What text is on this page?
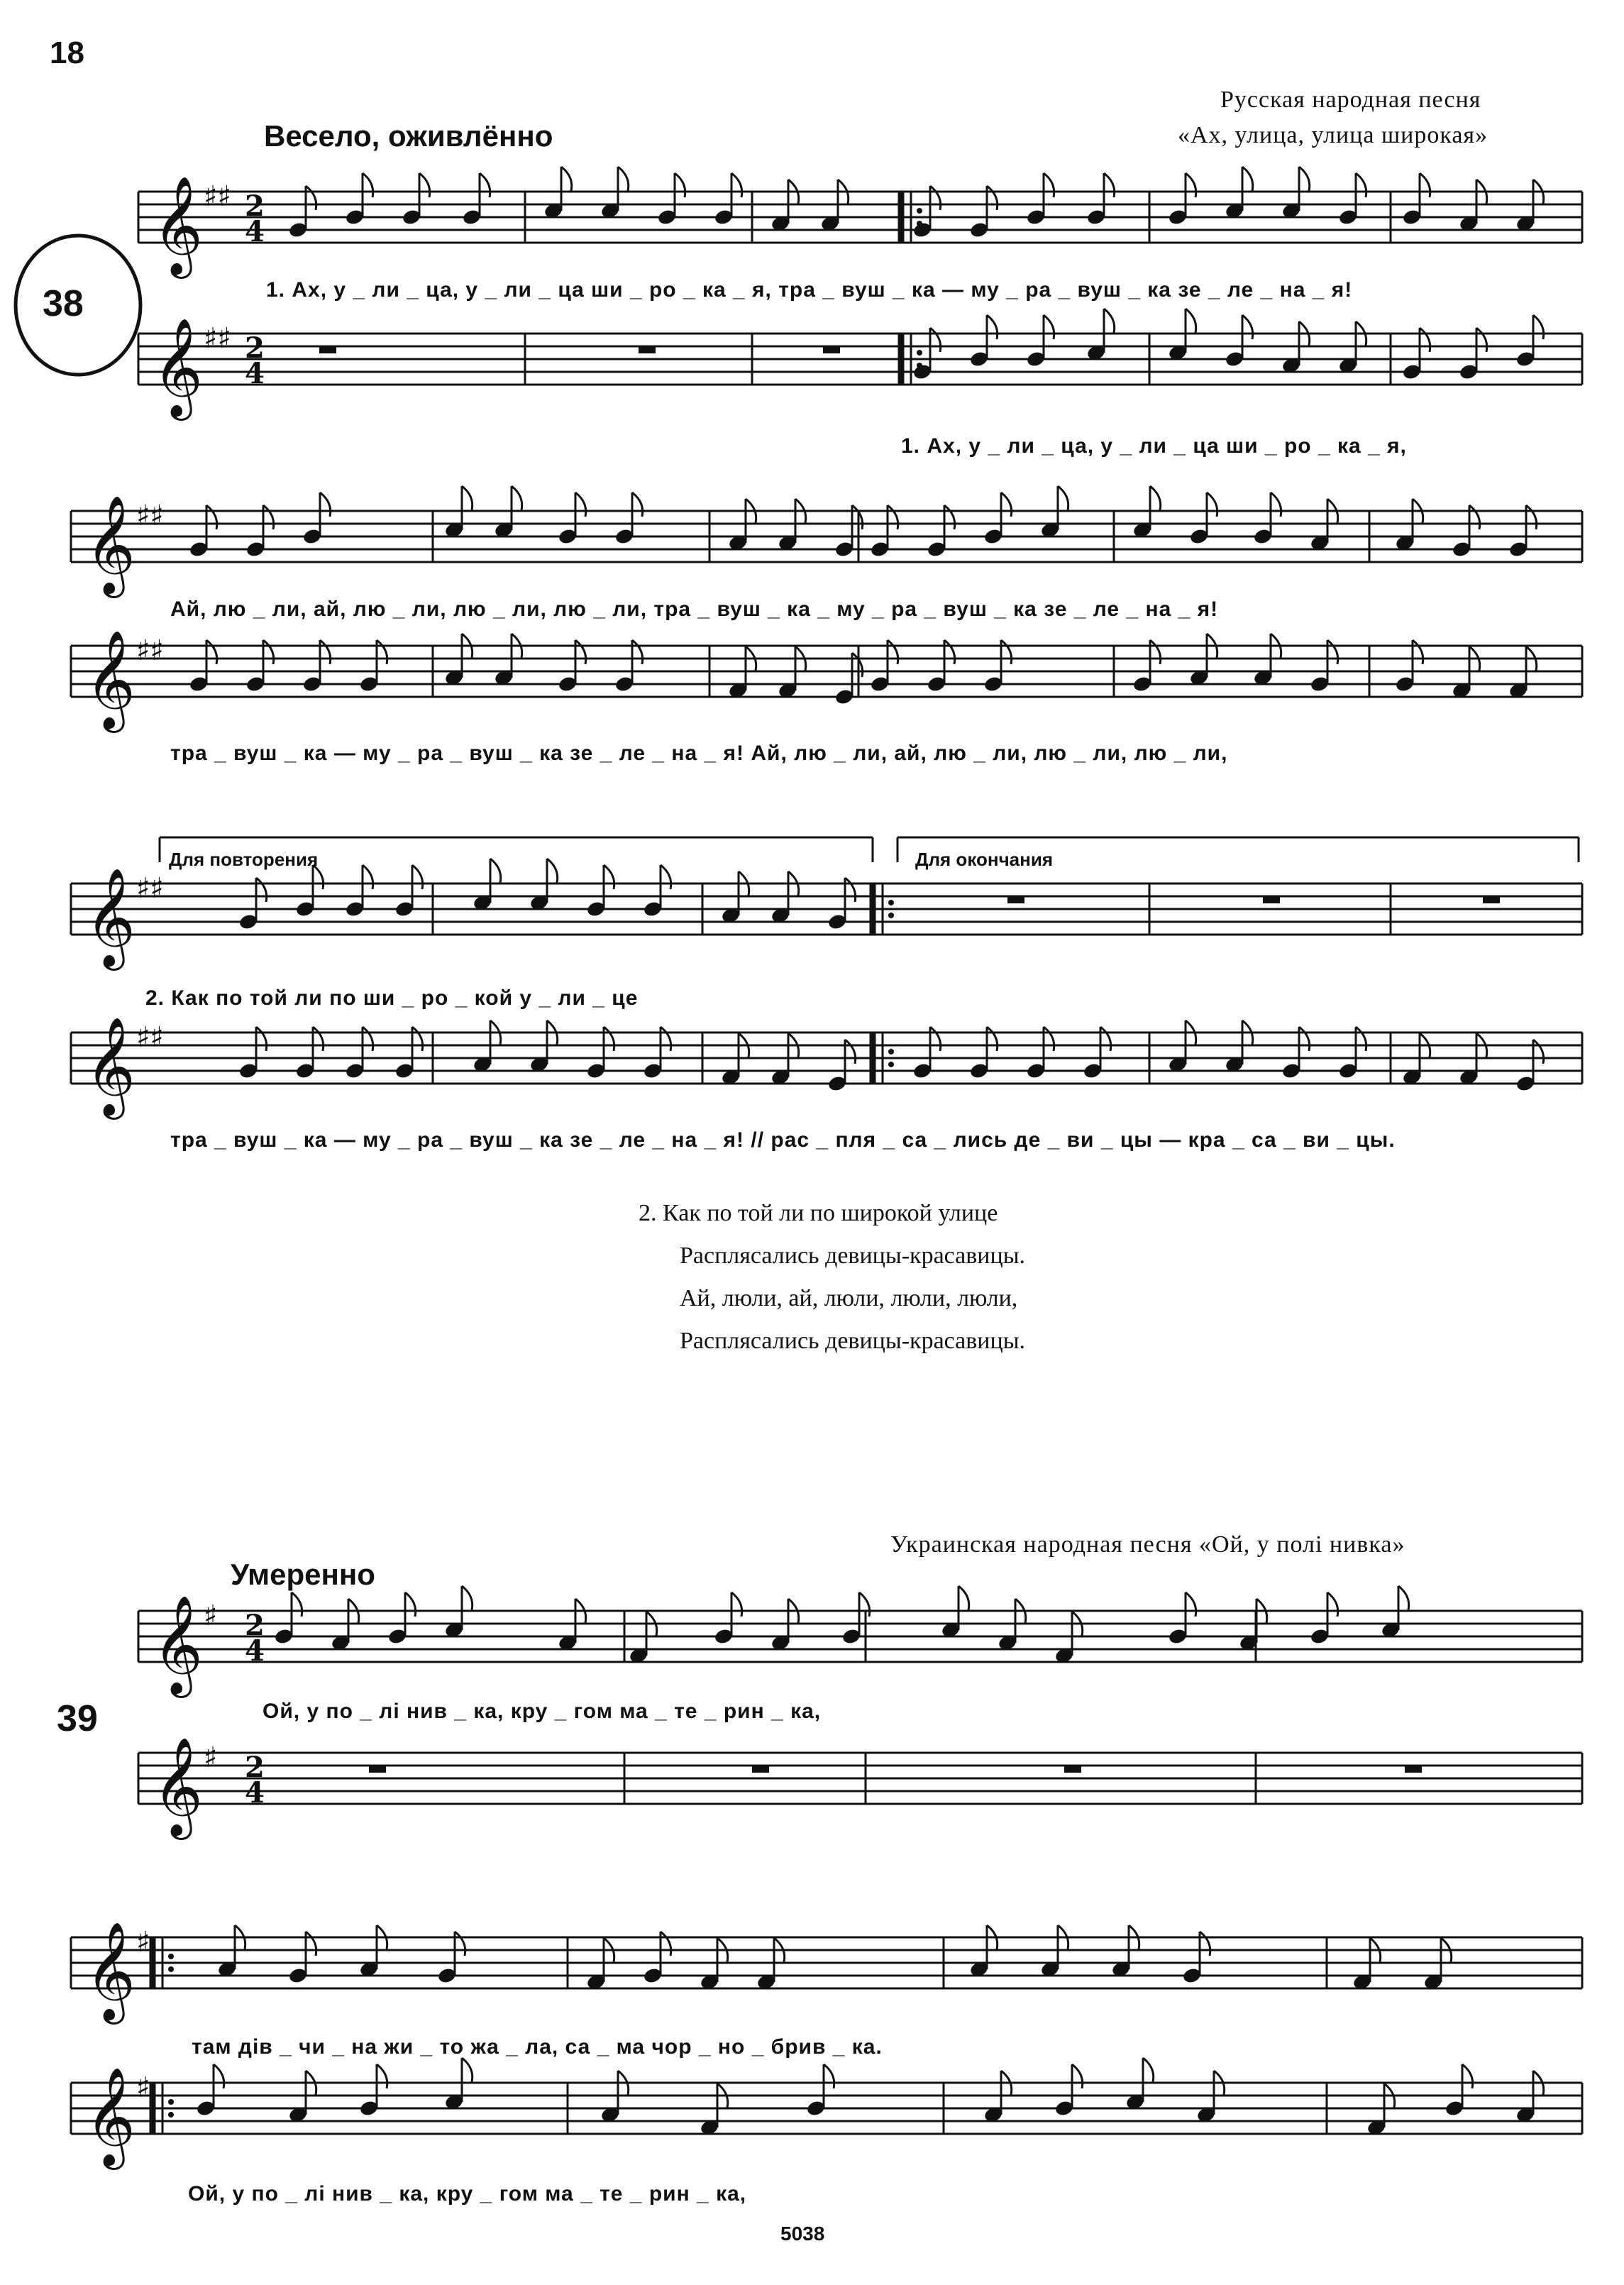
18
Русская народная песня
«Ах, улица, улица широкая»
Весело, оживлённо
𝄞 ♯♯ 2
4
𝄞 ♯♯ 2
4
𝄞 ♯♯
𝄞 ♯♯
𝄞 ♯♯
𝄞 ♯♯
𝄞 ♯ 2
4
𝄞 ♯ 2
4
𝄞 ♯
𝄞 ♯
38	1. Ах, у _ ли _ ца, у _ ли _ ца ши _ ро _ ка _ я, тра _ вуш _ ка — му _ ра _ вуш _ ка зе _ ле _ на _ я!
1. Ах, у _ ли _ ца, у _ ли _ ца ши _ ро _ ка _ я,
Ай, лю _ ли, ай, лю _ ли, лю _ ли, лю _ ли, тра _ вуш _ ка _ му _ ра _ вуш _ ка зе _ ле _ на _ я!
тра _ вуш _ ка — му _ ра _ вуш _ ка зе _ ле _ на _ я! Ай, лю _ ли, ай, лю _ ли, лю _ ли, лю _ ли,
Для повторения	Для окончания
2. Как по той ли по ши _ ро _ кой у _ ли _ це
тра _ вуш _ ка — му _ ра _ вуш _ ка зе _ ле _ на _ я! // рас _ пля _ са _ лись де _ ви _ цы — кра _ са _ ви _ цы.
2. Как по той ли по широкой улице
Расплясались девицы-красавицы.
Ай, люли, ай, люли, люли, люли,
Расплясались девицы-красавицы.
Украинская народная песня «Ой, у полі нивка»
Умеренно
39	Ой, у по _ лі нив _ ка, кру _ гом ма _ те _ рин _ ка,
там дів _ чи _ на жи _ то жа _ ла, са _ ма чор _ но _ брив _ ка.
Ой, у по _ лі нив _ ка, кру _ гом ма _ те _ рин _ ка,
5038
